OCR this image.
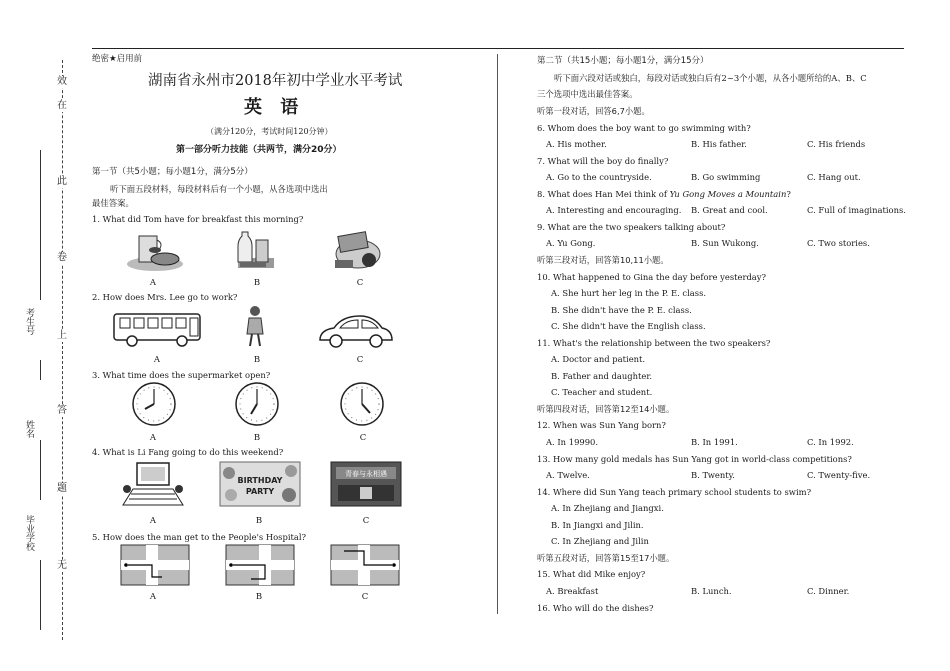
效
在
此
卷
上
答
题
无
考生号
姓名
毕业学校
绝密★启用前
湖南省永州市2018年初中学业水平考试
英 语
（满分120分，考试时间120分钟）
第一部分听力技能（共两节，满分20分）
第一节（共5小题；每小题1分，满分5分）
听下面五段材料，每段材料后有一个小题，从各选项中选出
最佳答案。
1. What did Tom have for breakfast this morning?
A	B	C
2. How does Mrs. Lee go to work?
A	B	C
3. What time does the supermarket open?
A	B	C
4. What is Li Fang going to do this weekend?
BIRTHDAY
PARTY
青春与永相遇
A	B	C
5. How does the man get to the People's Hospital?
A	B	C
第二节（共15小题；每小题1分，满分15分）
听下面六段对话或独白，每段对话或独白后有2~3个小题，从各小题所给的A、B、C
三个选项中选出最佳答案。
听第一段对话，回答6,7小题。
6. Whom does the boy want to go swimming with?
A. His mother.	B. His father.	C. His friends
7. What will the boy do finally?
A. Go to the countryside.	B. Go swimming	C. Hang out.
8. What does Han Mei think of Yu Gong Moves a Mountain?
A. Interesting and encouraging. B. Great and cool.	C. Full of imaginations.
9. What are the two speakers talking about?
A. Yu Gong.	B. Sun Wukong.	C. Two stories.
听第三段对话，回答第10,11小题。
10. What happened to Gina the day before yesterday?
A. She hurt her leg in the P. E. class.
B. She didn't have the P. E. class.
C. She didn't have the English class.
11. What's the relationship between the two speakers?
A. Doctor and patient.
B. Father and daughter.
C. Teacher and student.
听第四段对话，回答第12至14小题。
12. When was Sun Yang born?
A. In 19990.	B. In 1991.	C. In 1992.
13. How many gold medals has Sun Yang got in world-class competitions?
A. Twelve.	B. Twenty.	C. Twenty-five.
14. Where did Sun Yang teach primary school students to swim?
A. In Zhejiang and Jiangxi.
B. In Jiangxi and Jilin.
C. In Zhejiang and Jilin
听第五段对话，回答第15至17小题。
15. What did Mike enjoy?
A. Breakfast	B. Lunch.	C. Dinner.
16. Who will do the dishes?
